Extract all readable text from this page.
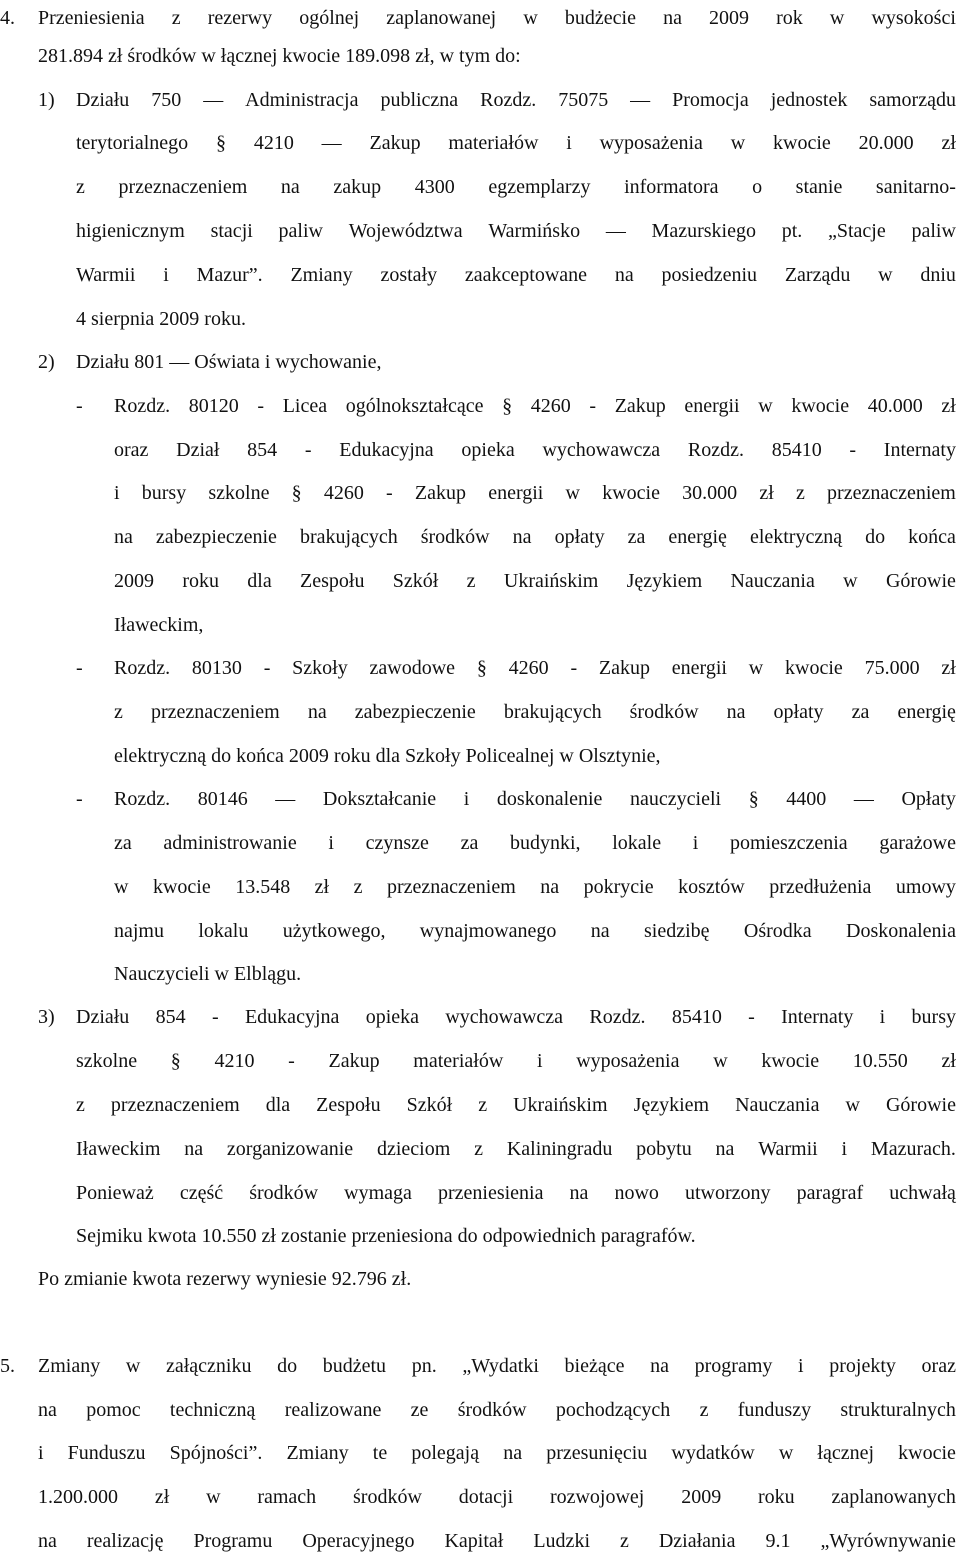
4. Przeniesienia z rezerwy ogólnej zaplanowanej w budżecie na 2009 rok w wysokości
281.894 zł środków w łącznej kwocie 189.098 zł, w tym do:
1) Działu 750 — Administracja publiczna Rozdz. 75075 — Promocja jednostek samorządu
terytorialnego § 4210 — Zakup materiałów i wyposażenia w kwocie 20.000 zł
z przeznaczeniem na zakup 4300 egzemplarzy informatora o stanie sanitarno-
higienicznym stacji paliw Województwa Warmińsko — Mazurskiego pt. „Stacje paliw
Warmii i Mazur”. Zmiany zostały zaakceptowane na posiedzeniu Zarządu w dniu
4 sierpnia 2009 roku.
2) Działu 801 — Oświata i wychowanie,
- Rozdz. 80120 - Licea ogólnokształcące § 4260 - Zakup energii w kwocie 40.000 zł
oraz Dział 854 - Edukacyjna opieka wychowawcza Rozdz. 85410 - Internaty
i bursy szkolne § 4260 - Zakup energii w kwocie 30.000 zł z przeznaczeniem
na zabezpieczenie brakujących środków na opłaty za energię elektryczną do końca
2009 roku dla Zespołu Szkół z Ukraińskim Językiem Nauczania w Górowie
Iławeckim,
- Rozdz. 80130 - Szkoły zawodowe § 4260 - Zakup energii w kwocie 75.000 zł
z przeznaczeniem na zabezpieczenie brakujących środków na opłaty za energię
elektryczną do końca 2009 roku dla Szkoły Policealnej w Olsztynie,
- Rozdz. 80146 — Dokształcanie i doskonalenie nauczycieli § 4400 — Opłaty
za administrowanie i czynsze za budynki, lokale i pomieszczenia garażowe
w kwocie 13.548 zł z przeznaczeniem na pokrycie kosztów przedłużenia umowy
najmu lokalu użytkowego, wynajmowanego na siedzibę Ośrodka Doskonalenia
Nauczycieli w Elblągu.
3) Działu 854 - Edukacyjna opieka wychowawcza Rozdz. 85410 - Internaty i bursy
szkolne § 4210 - Zakup materiałów i wyposażenia w kwocie 10.550 zł
z przeznaczeniem dla Zespołu Szkół z Ukraińskim Językiem Nauczania w Górowie
Iławeckim na zorganizowanie dzieciom z Kaliningradu pobytu na Warmii i Mazurach.
Ponieważ część środków wymaga przeniesienia na nowo utworzony paragraf uchwałą
Sejmiku kwota 10.550 zł zostanie przeniesiona do odpowiednich paragrafów.
Po zmianie kwota rezerwy wyniesie 92.796 zł.
5. Zmiany w załączniku do budżetu pn. „Wydatki bieżące na programy i projekty oraz
na pomoc techniczną realizowane ze środków pochodzących z funduszy strukturalnych
i Funduszu Spójności”. Zmiany te polegają na przesunięciu wydatków w łącznej kwocie
1.200.000 zł w ramach środków dotacji rozwojowej 2009 roku zaplanowanych
na realizację Programu Operacyjnego Kapitał Ludzki z Działania 9.1 „Wyrównywanie
